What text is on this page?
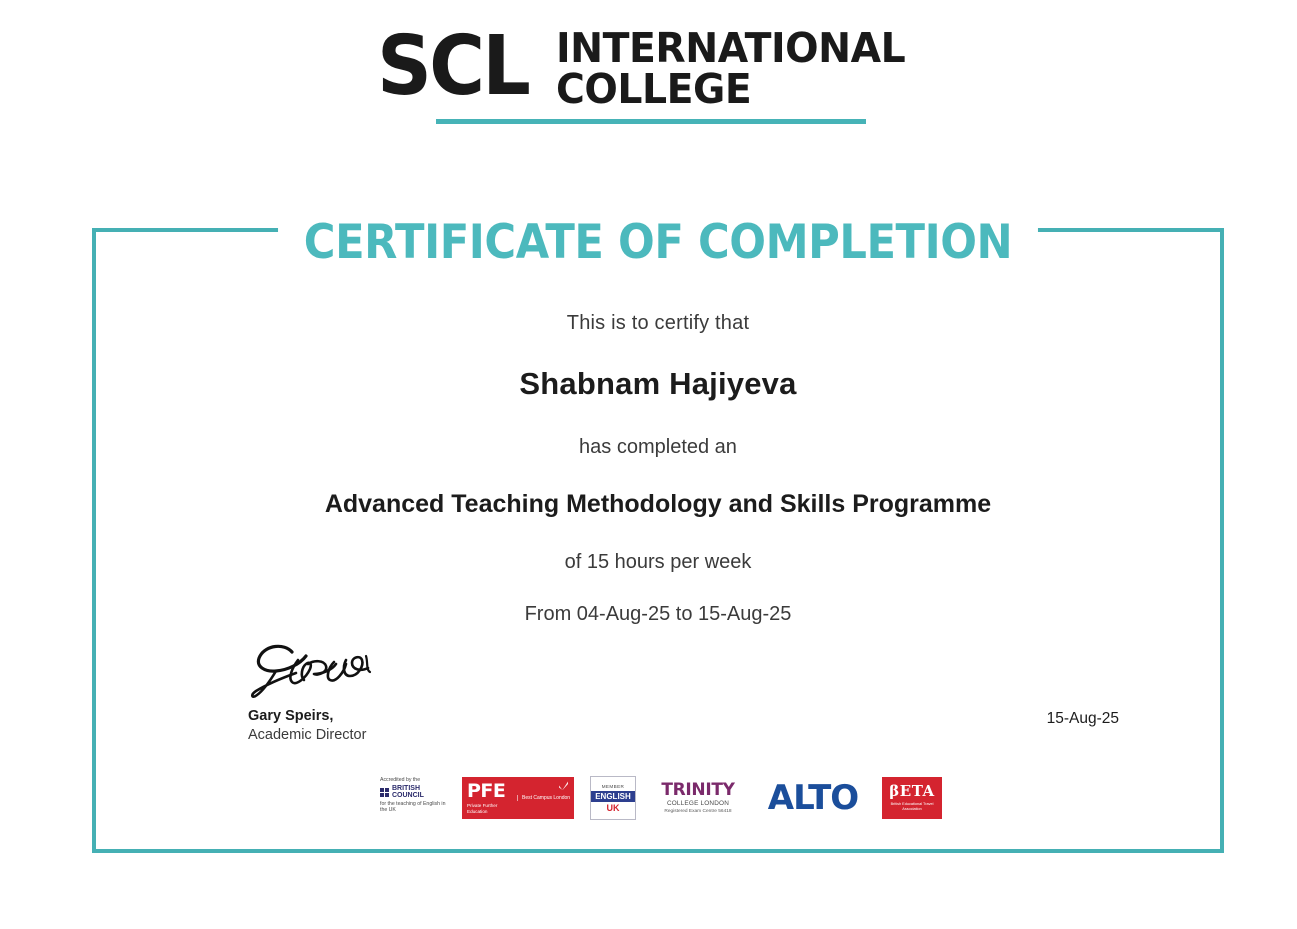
SCL INTERNATIONAL
COLLEGE
CERTIFICATE OF COMPLETION
This is to certify that
Shabnam Hajiyeva
has completed an
Advanced Teaching Methodology and Skills Programme
of 15 hours per week
From 04-Aug-25 to 15-Aug-25
Gary Speirs,
Academic Director
15-Aug-25
Accredited by the
BRITISH
COUNCIL
for the teaching of English in the UK
PFE
Private Further Education
Best Campus London
MEMBER
ENGLISH
UK
TRINITY
COLLEGE LONDON
Registered Exam Centre 56418 ALTO βETA
British Educational Travel Association
